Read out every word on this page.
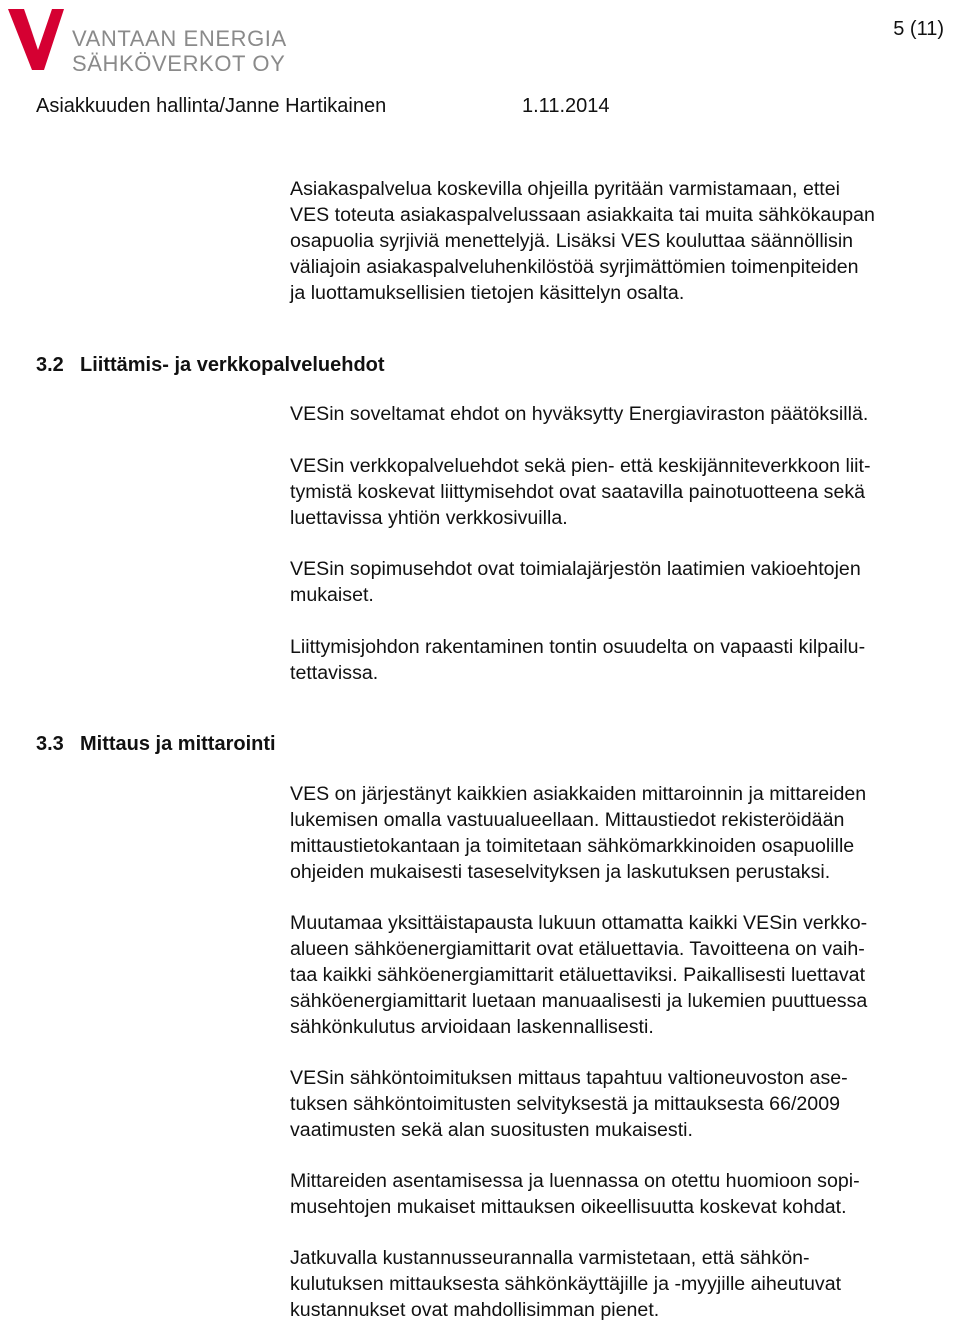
VANTAAN ENERGIA
SÄHKÖVERKOT OY
5 (11)
Asiakkuuden hallinta/Janne Hartikainen	1.11.2014

Asiakaspalvelua koskevilla ohjeilla pyritään varmistamaan, ettei
VES toteuta asiakaspalvelussaan asiakkaita tai muita sähkökaupan
osapuolia syrjiviä menettelyjä. Lisäksi VES kouluttaa säännöllisin
väliajoin asiakaspalveluhenkilöstöä syrjimättömien toimenpiteiden
ja luottamuksellisien tietojen käsittelyn osalta.

3.2 Liittämis- ja verkkopalveluehdot

VESin soveltamat ehdot on hyväksytty Energiaviraston päätöksillä.

VESin verkkopalveluehdot sekä pien- että keskijänniteverkkoon liit-
tymistä koskevat liittymisehdot ovat saatavilla painotuotteena sekä
luettavissa yhtiön verkkosivuilla.

VESin sopimusehdot ovat toimialajärjestön laatimien vakioehtojen
mukaiset.

Liittymisjohdon rakentaminen tontin osuudelta on vapaasti kilpailu-
tettavissa.

3.3 Mittaus ja mittarointi

VES on järjestänyt kaikkien asiakkaiden mittaroinnin ja mittareiden
lukemisen omalla vastuualueellaan. Mittaustiedot rekisteröidään
mittaustietokantaan ja toimitetaan sähkömarkkinoiden osapuolille
ohjeiden mukaisesti taseselvityksen ja laskutuksen perustaksi.

Muutamaa yksittäistapausta lukuun ottamatta kaikki VESin verkko-
alueen sähköenergiamittarit ovat etäluettavia. Tavoitteena on vaih-
taa kaikki sähköenergiamittarit etäluettaviksi. Paikallisesti luettavat
sähköenergiamittarit luetaan manuaalisesti ja lukemien puuttuessa
sähkönkulutus arvioidaan laskennallisesti.

VESin sähköntoimituksen mittaus tapahtuu valtioneuvoston ase-
tuksen sähköntoimitusten selvityksestä ja mittauksesta 66/2009
vaatimusten sekä alan suositusten mukaisesti.

Mittareiden asentamisessa ja luennassa on otettu huomioon sopi-
musehtojen mukaiset mittauksen oikeellisuutta koskevat kohdat.

Jatkuvalla kustannusseurannalla varmistetaan, että sähkön-
kulutuksen mittauksesta sähkönkäyttäjille ja -myyjille aiheutuvat
kustannukset ovat mahdollisimman pienet.
